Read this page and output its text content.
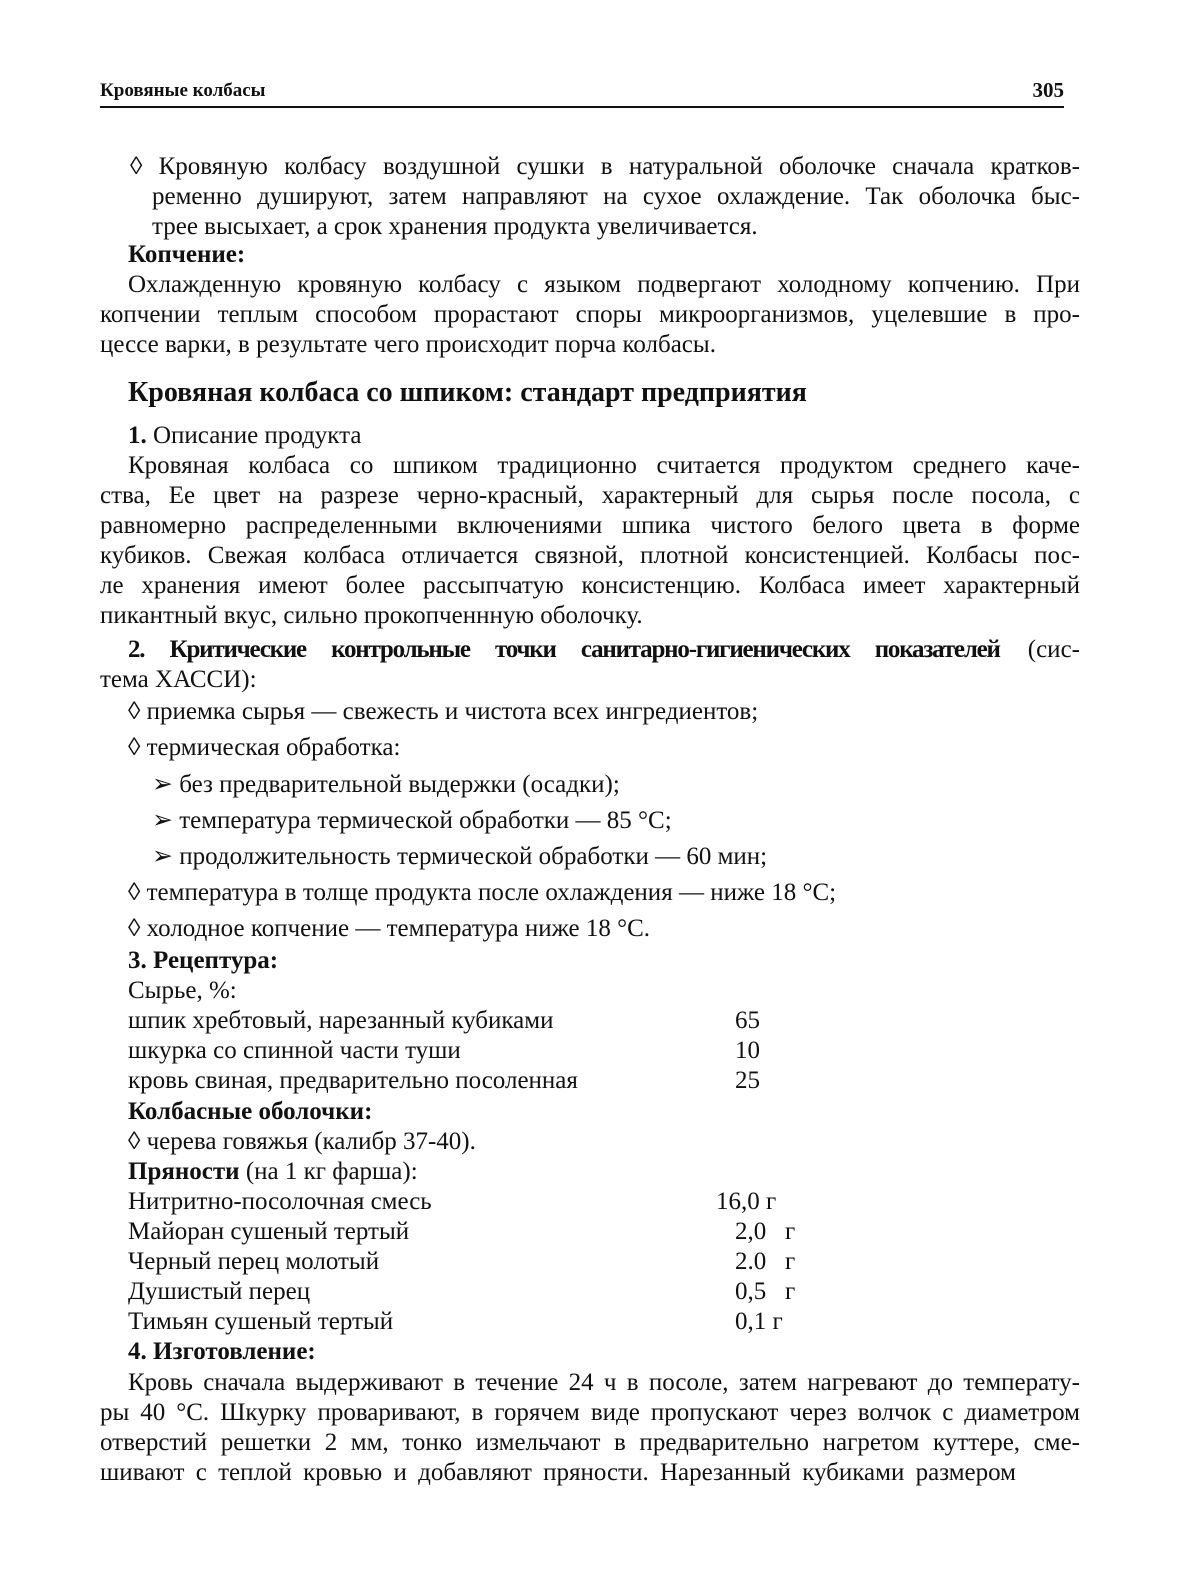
Кровяные колбасы	305
◊ Кровяную колбасу воздушной сушки в натуральной оболочке сначала кратков-
ременно душируют, затем направляют на сухое охлаждение. Так оболочка быс-
трее высыхает, а срок хранения продукта увеличивается.
Копчение:
Охлажденную кровяную колбасу с языком подвергают холодному копчению. При
копчении теплым способом прорастают споры микроорганизмов, уцелевшие в про-
цессе варки, в результате чего происходит порча колбасы.
Кровяная колбаса со шпиком: стандарт предприятия
1. Описание продукта
Кровяная колбаса со шпиком традиционно считается продуктом среднего каче-
ства, Ее цвет на разрезе черно-красный, характерный для сырья после посола, с
равномерно распределенными включениями шпика чистого белого цвета в форме
кубиков. Свежая колбаса отличается связной, плотной консистенцией. Колбасы пос-
ле хранения имеют более рассыпчатую консистенцию. Колбаса имеет характерный
пикантный вкус, сильно прокопченнную оболочку.
2. Критические контрольные точки санитарно-гигиенических показателей (сис-
тема ХАССИ):
◊ приемка сырья — свежесть и чистота всех ингредиентов;
◊ термическая обработка:
➢ без предварительной выдержки (осадки);
➢ температура термической обработки — 85 °С;
➢ продолжительность термической обработки — 60 мин;
◊ температура в толще продукта после охлаждения — ниже 18 °С;
◊ холодное копчение — температура ниже 18 °С.
3. Рецептура:
Сырье, %:
шпик хребтовый, нарезанный кубиками	65
шкурка со спинной части туши	10
кровь свиная, предварительно посоленная	25
Колбасные оболочки:
◊ черева говяжья (калибр 37-40).
Пряности (на 1 кг фарша):
Нитритно-посолочная смесь	16,0 г
Майоран сушеный тертый	2,0   г
Черный перец молотый	2.0   г
Душистый перец	0,5   г
Тимьян сушеный тертый	0,1 г
4. Изготовление:
Кровь сначала выдерживают в течение 24 ч в посоле, затем нагревают до температу-
ры 40 °С. Шкурку проваривают, в горячем виде пропускают через волчок с диаметром
отверстий решетки 2 мм, тонко измельчают в предварительно нагретом куттере, сме-
шивают с теплой кровью и добавляют пряности. Нарезанный кубиками размером
